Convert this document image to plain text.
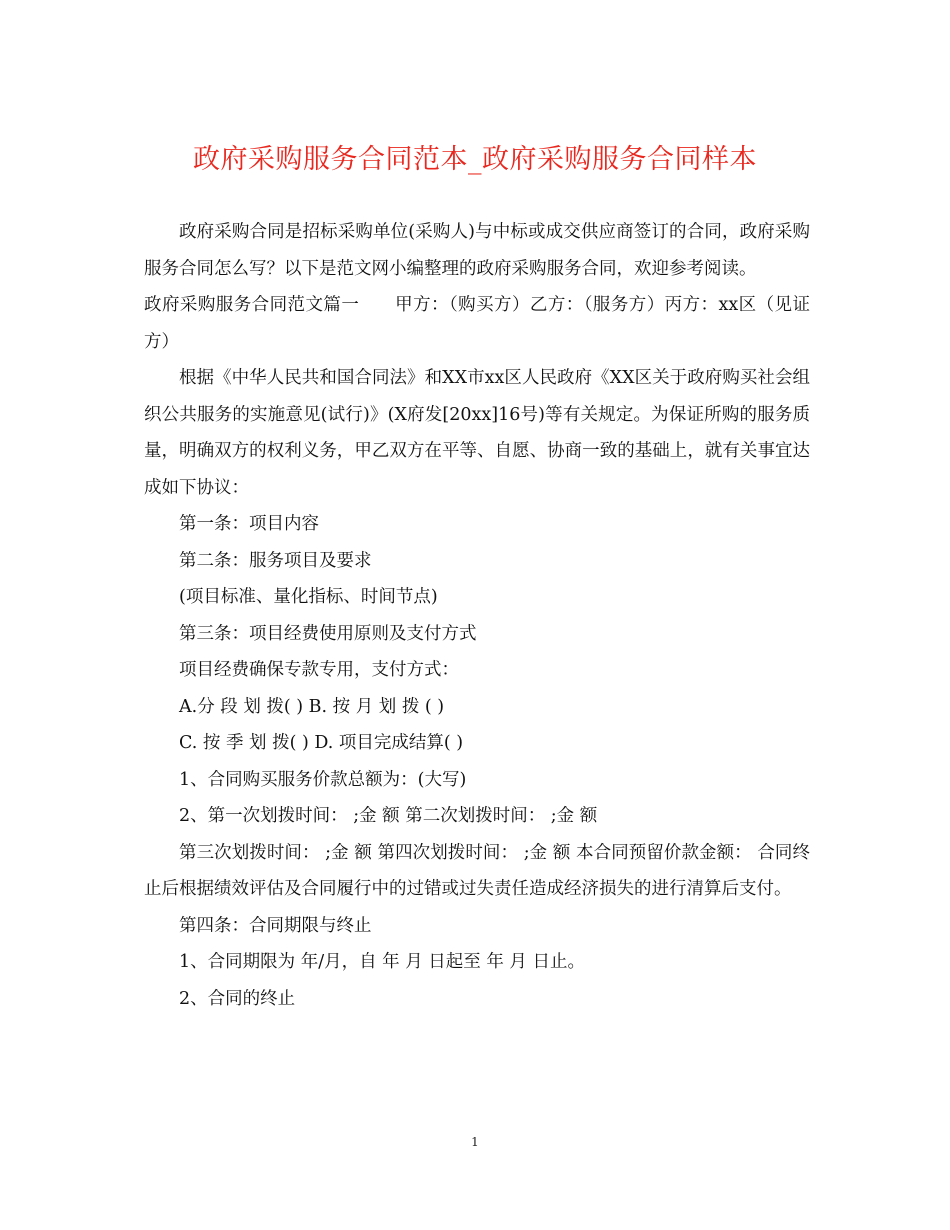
政府采购服务合同范本_政府采购服务合同样本

政府采购合同是招标采购单位(采购人)与中标或成交供应商签订的合同，政府采购服务合同怎么写？以下是范文网小编整理的政府采购服务合同，欢迎参考阅读。

政府采购服务合同范文篇一　　甲方：（购买方）乙方：（服务方）丙方：xx区（见证方）

根据《中华人民共和国合同法》和XX市xx区人民政府《XX区关于政府购买社会组织公共服务的实施意见(试行)》(X府发[20xx]16号)等有关规定。为保证所购的服务质量，明确双方的权利义务，甲乙双方在平等、自愿、协商一致的基础上，就有关事宜达成如下协议：

第一条：项目内容

第二条：服务项目及要求

(项目标准、量化指标、时间节点)

第三条：项目经费使用原则及支付方式

项目经费确保专款专用，支付方式：

A.分 段 划 拨( ) B. 按 月 划 拨 ( )

C. 按 季 划 拨( ) D. 项目完成结算( )

1、合同购买服务价款总额为：(大写)

2、第一次划拨时间： ;金 额 第二次划拨时间： ;金 额

第三次划拨时间： ;金 额 第四次划拨时间： ;金 额 本合同预留价款金额： 合同终止后根据绩效评估及合同履行中的过错或过失责任造成经济损失的进行清算后支付。

第四条：合同期限与终止

1、合同期限为 年/月，自 年 月 日起至 年 月 日止。

2、合同的终止

1
